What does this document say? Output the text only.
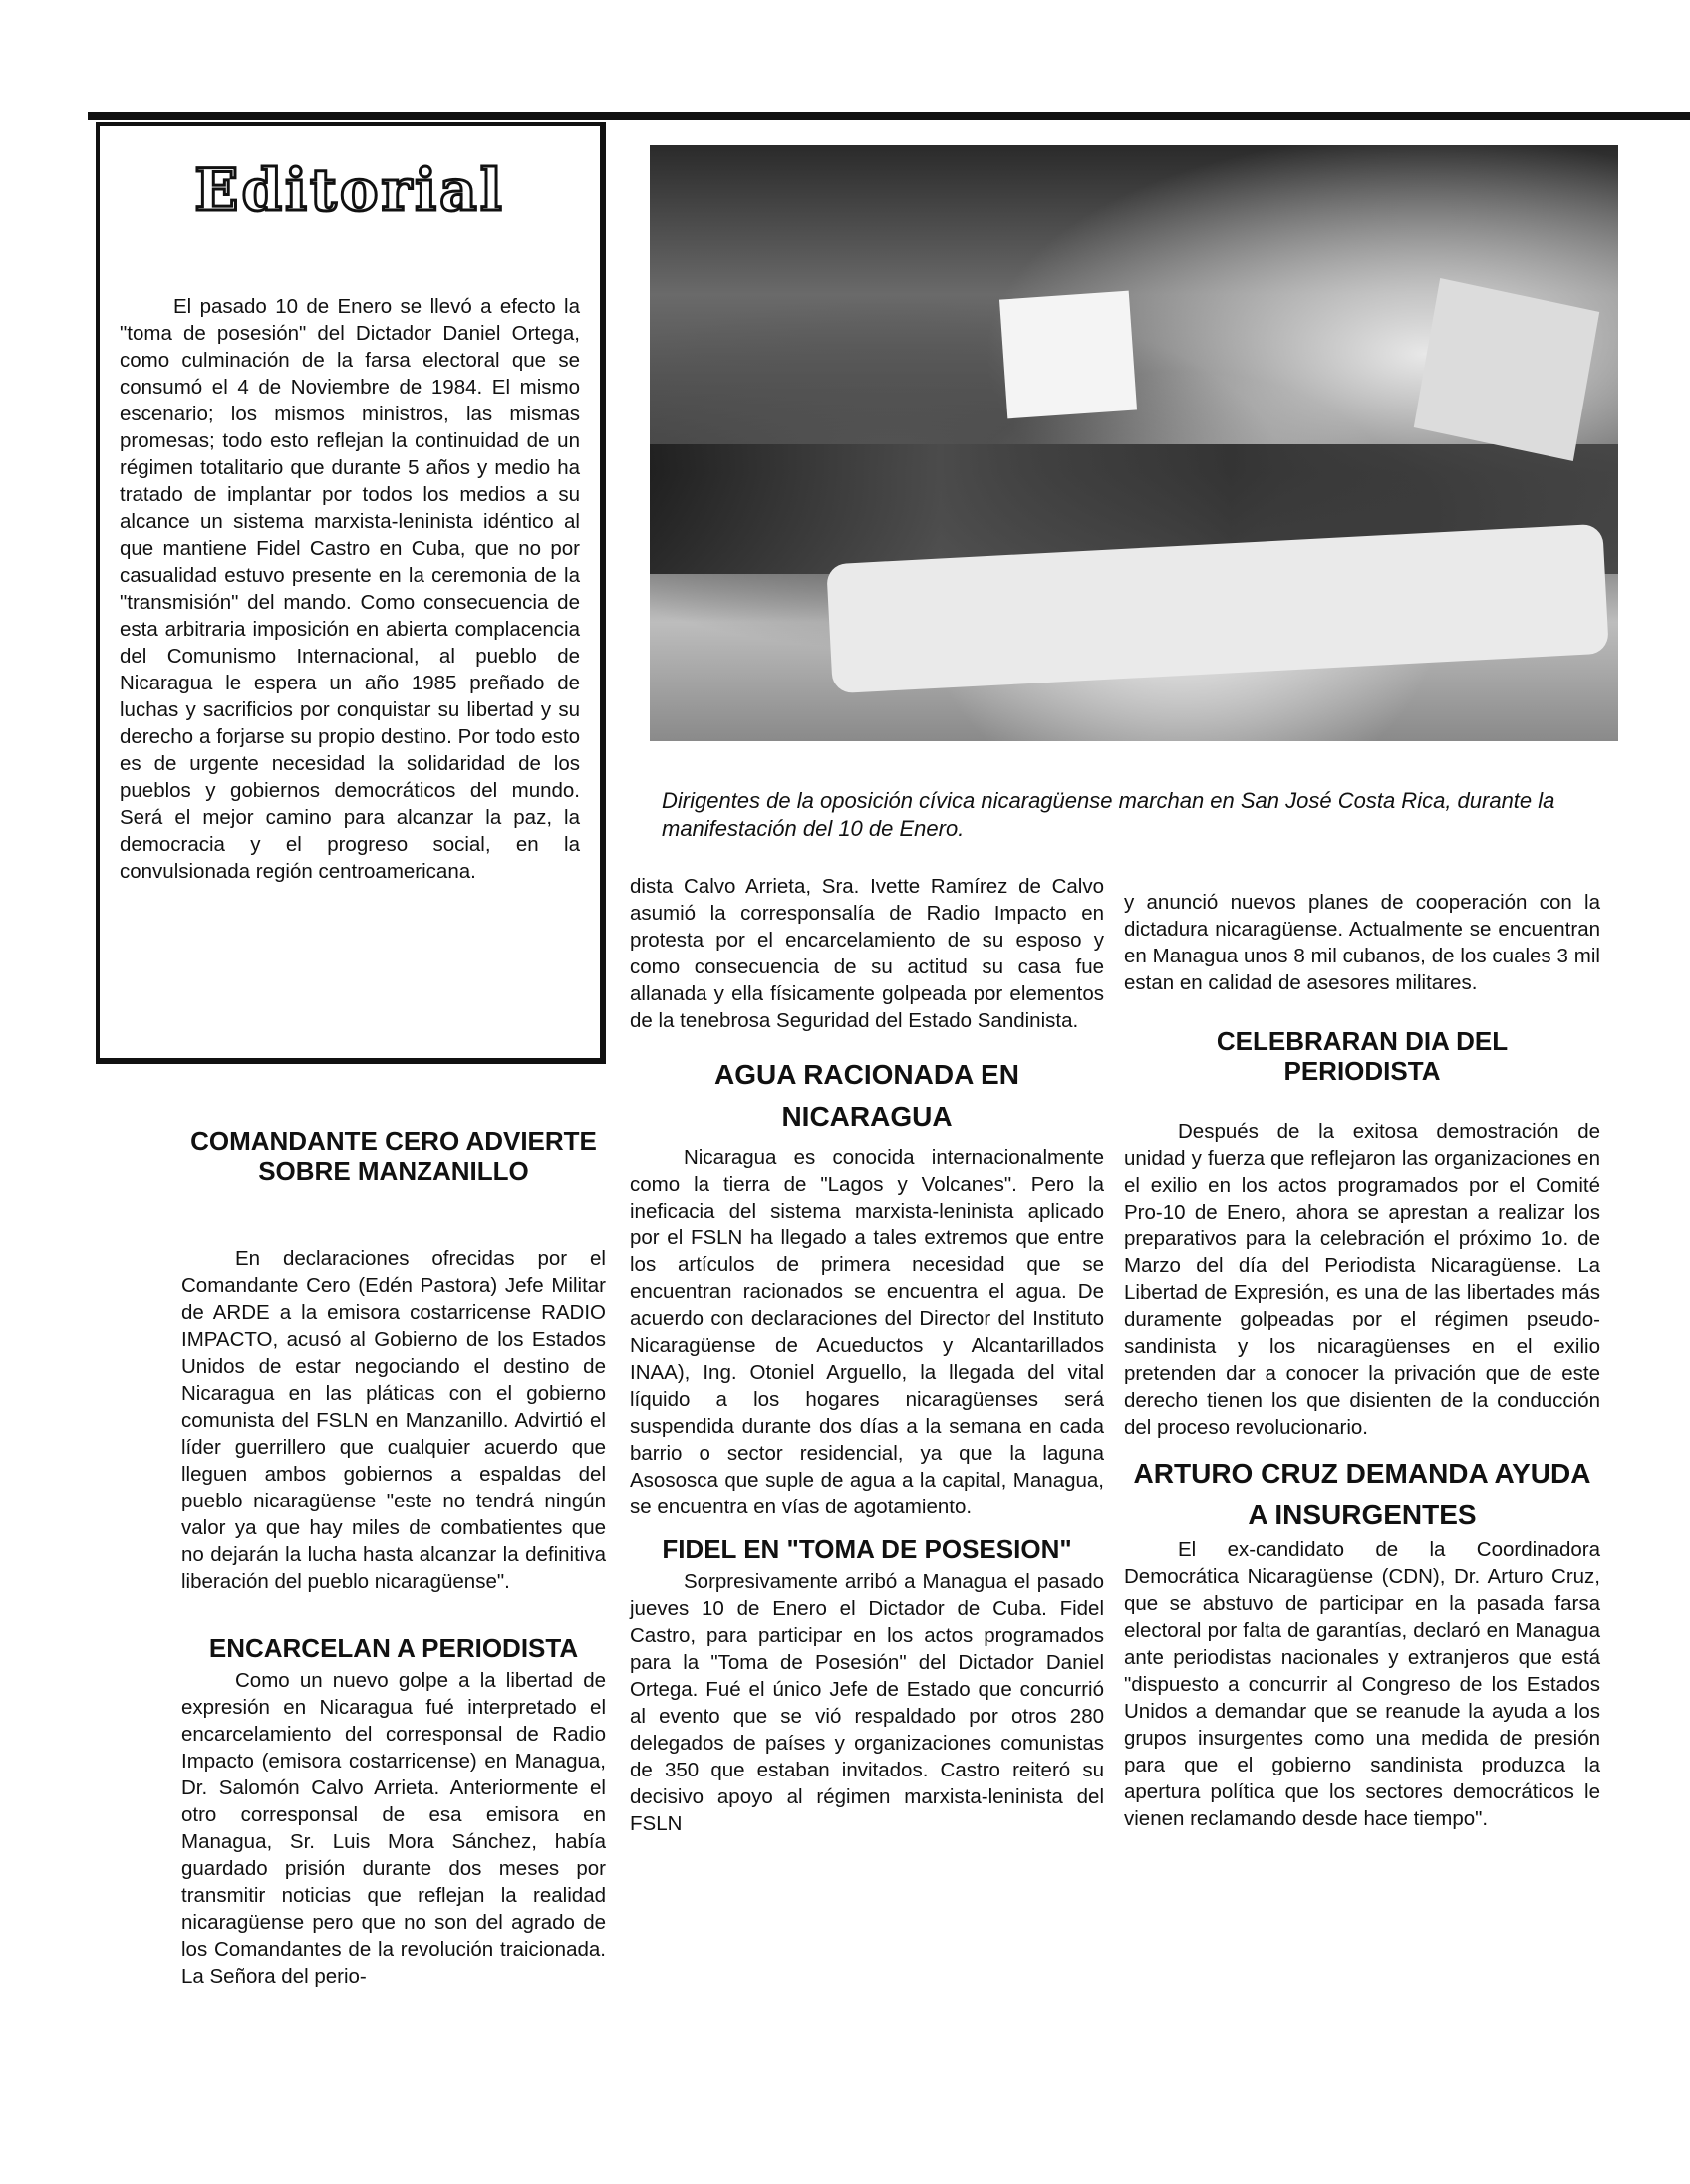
Editorial

El pasado 10 de Enero se llevó a efecto la "toma de posesión" del Dictador Daniel Ortega, como culminación de la farsa electoral que se consumó el 4 de Noviembre de 1984. El mismo escenario; los mismos ministros, las mismas promesas; todo esto reflejan la continuidad de un régimen totalitario que durante 5 años y medio ha tratado de implantar por todos los medios a su alcance un sistema marxista-leninista idéntico al que mantiene Fidel Castro en Cuba, que no por casualidad estuvo presente en la ceremonia de la "transmisión" del mando. Como consecuencia de esta arbitraria imposición en abierta complacencia del Comunismo Internacional, al pueblo de Nicaragua le espera un año 1985 preñado de luchas y sacrificios por conquistar su libertad y su derecho a forjarse su propio destino. Por todo esto es de urgente necesidad la solidaridad de los pueblos y gobiernos democráticos del mundo. Será el mejor camino para alcanzar la paz, la democracia y el progreso social, en la convulsionada región centroamericana.

Dirigentes de la oposición cívica nicaragüense marchan en San José Costa Rica, durante la manifestación del 10 de Enero.

COMANDANTE CERO ADVIERTE SOBRE MANZANILLO

En declaraciones ofrecidas por el Comandante Cero (Edén Pastora) Jefe Militar de ARDE a la emisora costarricense RADIO IMPACTO, acusó al Gobierno de los Estados Unidos de estar negociando el destino de Nicaragua en las pláticas con el gobierno comunista del FSLN en Manzanillo. Advirtió el líder guerrillero que cualquier acuerdo que lleguen ambos gobiernos a espaldas del pueblo nicaragüense "este no tendrá ningún valor ya que hay miles de combatientes que no dejarán la lucha hasta alcanzar la definitiva liberación del pueblo nicaragüense".

ENCARCELAN A PERIODISTA

Como un nuevo golpe a la libertad de expresión en Nicaragua fué interpretado el encarcelamiento del corresponsal de Radio Impacto (emisora costarricense) en Managua, Dr. Salomón Calvo Arrieta. Anteriormente el otro corresponsal de esa emisora en Managua, Sr. Luis Mora Sánchez, había guardado prisión durante dos meses por transmitir noticias que reflejan la realidad nicaragüense pero que no son del agrado de los Comandantes de la revolución traicionada. La Señora del perio-

dista Calvo Arrieta, Sra. Ivette Ramírez de Calvo asumió la corresponsalía de Radio Impacto en protesta por el encarcelamiento de su esposo y como consecuencia de su actitud su casa fue allanada y ella físicamente golpeada por elementos de la tenebrosa Seguridad del Estado Sandinista.

AGUA RACIONADA EN NICARAGUA

Nicaragua es conocida internacionalmente como la tierra de "Lagos y Volcanes". Pero la ineficacia del sistema marxista-leninista aplicado por el FSLN ha llegado a tales extremos que entre los artículos de primera necesidad que se encuentran racionados se encuentra el agua. De acuerdo con declaraciones del Director del Instituto Nicaragüense de Acueductos y Alcantarillados INAA), Ing. Otoniel Arguello, la llegada del vital líquido a los hogares nicaragüenses será suspendida durante dos días a la semana en cada barrio o sector residencial, ya que la laguna Asososca que suple de agua a la capital, Managua, se encuentra en vías de agotamiento.

FIDEL EN "TOMA DE POSESION"

Sorpresivamente arribó a Managua el pasado jueves 10 de Enero el Dictador de Cuba. Fidel Castro, para participar en los actos programados para la "Toma de Posesión" del Dictador Daniel Ortega. Fué el único Jefe de Estado que concurrió al evento que se vió respaldado por otros 280 delegados de países y organizaciones comunistas de 350 que estaban invitados. Castro reiteró su decisivo apoyo al régimen marxista-leninista del FSLN

y anunció nuevos planes de cooperación con la dictadura nicaragüense. Actualmente se encuentran en Managua unos 8 mil cubanos, de los cuales 3 mil estan en calidad de asesores militares.

CELEBRARAN DIA DEL PERIODISTA

Después de la exitosa demostración de unidad y fuerza que reflejaron las organizaciones en el exilio en los actos programados por el Comité Pro-10 de Enero, ahora se aprestan a realizar los preparativos para la celebración el próximo 1o. de Marzo del día del Periodista Nicaragüense. La Libertad de Expresión, es una de las libertades más duramente golpeadas por el régimen pseudo-sandinista y los nicaragüenses en el exilio pretenden dar a conocer la privación que de este derecho tienen los que disienten de la conducción del proceso revolucionario.

ARTURO CRUZ DEMANDA AYUDA A INSURGENTES

El ex-candidato de la Coordinadora Democrática Nicaragüense (CDN), Dr. Arturo Cruz, que se abstuvo de participar en la pasada farsa electoral por falta de garantías, declaró en Managua ante periodistas nacionales y extranjeros que está "dispuesto a concurrir al Congreso de los Estados Unidos a demandar que se reanude la ayuda a los grupos insurgentes como una medida de presión para que el gobierno sandinista produzca la apertura política que los sectores democráticos le vienen reclamando desde hace tiempo".
